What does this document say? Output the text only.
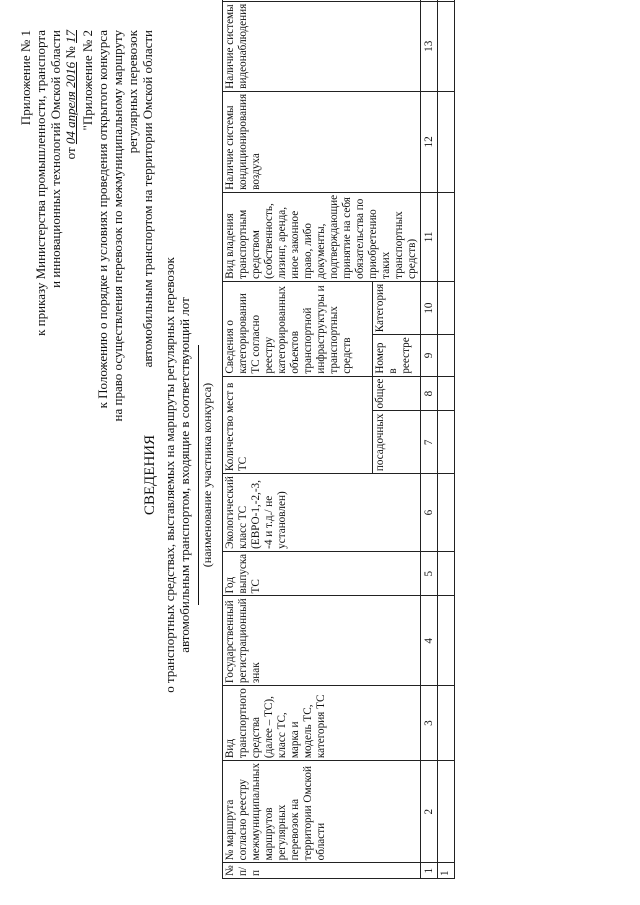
Приложение № 1 к приказу Министерства промышленности, транспорта и инновационных технологий Омской области от 04 апреля 2016 № 17 "Приложение № 2 к Положению о порядке и условиях проведения открытого конкурса на право осуществления перевозок по межмуниципальному маршруту регулярных перевозок автомобильным транспортом на территории Омской области
СВЕДЕНИЯ о транспортных средствах, выставляемых на маршруты регулярных перевозок автомобильным транспортом, входящие в соответствующий лот (наименование участника конкурса)
№ п/п	№ маршрута согласно реестру межмуниципальных маршрутов регулярных перевозок на территории Омской области	Вид транспортного средства (далее – ТС), класс ТС, марка и модель ТС, категория ТС	Государственный регистрационный знак	Год выпуска ТС	Экологический класс ТС (ЕВРО-1,-2,-3, -4 и т.д./ не установлен)	Количество мест в ТС		Сведения о категорировании ТС согласно реестру категорированных объектов транспортной инфраструктуры и транспортных средств		Вид владения транспортным средством (собственность, лизинг, аренда, иное законное право, либо документы, подтверждающие принятие на себя обязательства по приобретению таких транспортных средств)	Наличие системы кондиционирования воздуха	Наличие системы видеонаблюдения				
						посадочных	общее	Номер в реестре	Категория							
1	2	3	4	5	6	7	8	9	10	11	12	13				
1																
